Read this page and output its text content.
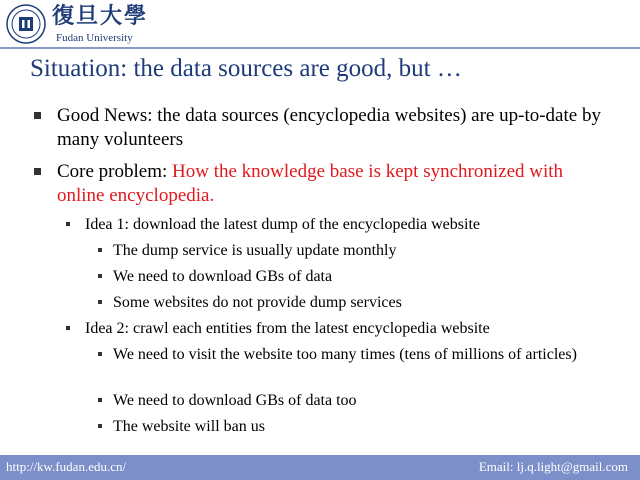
復旦大學
Fudan University
Situation: the data sources are good, but …
Good News: the data sources (encyclopedia websites) are up-to-date by many volunteers
Core problem: How the knowledge base is kept synchronized with online encyclopedia.
Idea 1: download the latest dump of the encyclopedia website
The dump service is usually update monthly
We need to download GBs of data
Some websites do not provide dump services
Idea 2: crawl each entities from the latest encyclopedia website
We need to visit the website too many times (tens of millions of articles)
We need to download GBs of data too
The website will ban us
http://kw.fudan.edu.cn/	Email: lj.q.light@gmail.com
